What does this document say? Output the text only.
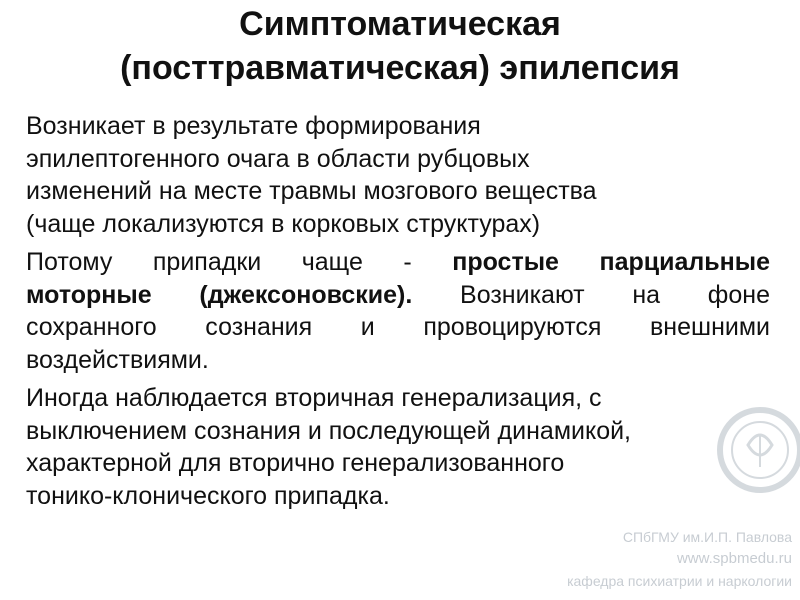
Симптоматическая
(посттравматическая) эпилепсия

Возникает в результате формирования
эпилептогенного очага в области рубцовых
изменений на месте травмы мозгового вещества
(чаще локализуются в корковых структурах)

Потому припадки чаще - простые парциальные
моторные (джексоновские). Возникают на фоне
сохранного сознания и провоцируются внешними
воздействиями.

Иногда наблюдается вторичная генерализация, с
выключением сознания и последующей динамикой,
характерной для вторично генерализованного
тонико-клонического припадка.

СПбГМУ им.И.П. Павлова
www.spbmedu.ru
кафедра психиатрии и наркологии
